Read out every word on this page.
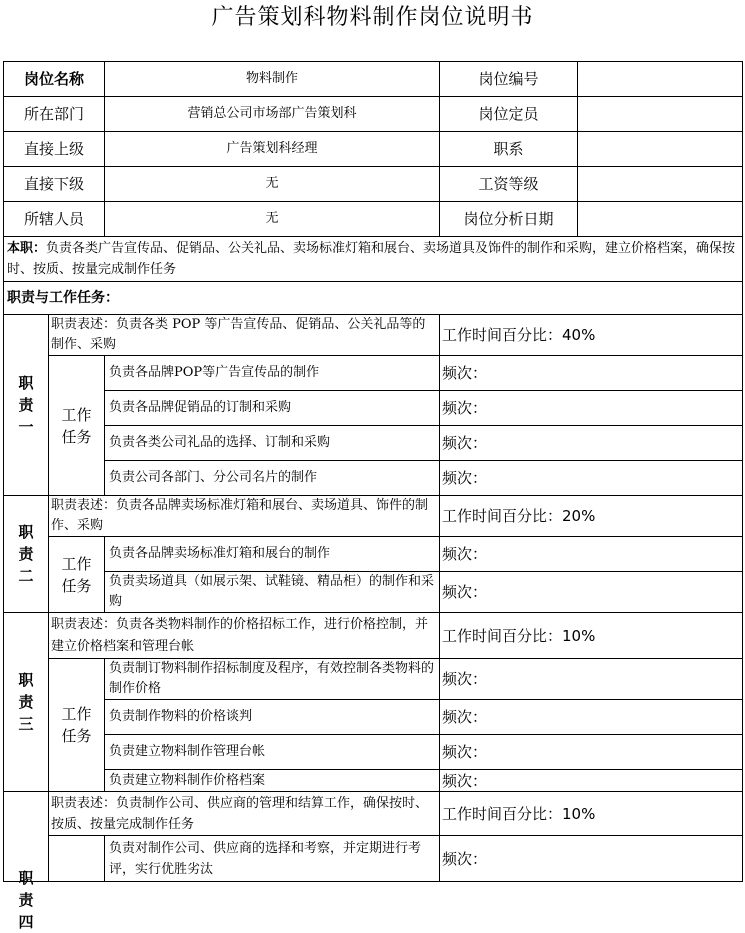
广告策划科物料制作岗位说明书
岗位名称		物料制作	岗位编号	
所在部门		营销总公司市场部广告策划科	岗位定员	
直接上级		广告策划科经理	职系	
直接下级		无	工资等级	
所辖人员		无	岗位分析日期	
本职：负责各类广告宣传品、促销品、公关礼品、卖场标准灯箱和展台、卖场道具及饰件的制作和采购，建立价格档案，确保按时、按质、按量完成制作任务				
职责与工作任务：				

职责一	职责表述：负责各类 POP 等广告宣传品、促销品、公关礼品等的制作、采购		工作时间百分比：40%	

	工作任务	负责各品牌POP等广告宣传品的制作	频次：	
		负责各品牌促销品的订制和采购	频次：	
		负责各类公司礼品的选择、订制和采购	频次：	
		负责公司各部门、分公司名片的制作	频次：	

职责二	职责表述：负责各品牌卖场标准灯箱和展台、卖场道具、饰件的制作、采购		工作时间百分比：20%	

	工作任务	负责各品牌卖场标准灯箱和展台的制作	频次：	
		负责卖场道具（如展示架、试鞋镜、精品柜）的制作和采购	频次：	

职责三	职责表述：负责各类物料制作的价格招标工作，进行价格控制，并建立价格档案和管理台帐		工作时间百分比：10%	

	工作任务	负责制订物料制作招标制度及程序，有效控制各类物料的制作价格	频次：	
		负责制作物料的价格谈判	频次：	
		负责建立物料制作管理台帐	频次：	
		负责建立物料制作价格档案	频次：	

职责四	职责表述：负责制作公司、供应商的管理和结算工作，确保按时、按质、按量完成制作任务		工作时间百分比：10%	
		负责对制作公司、供应商的选择和考察，并定期进行考评，实行优胜劣汰	频次：	
